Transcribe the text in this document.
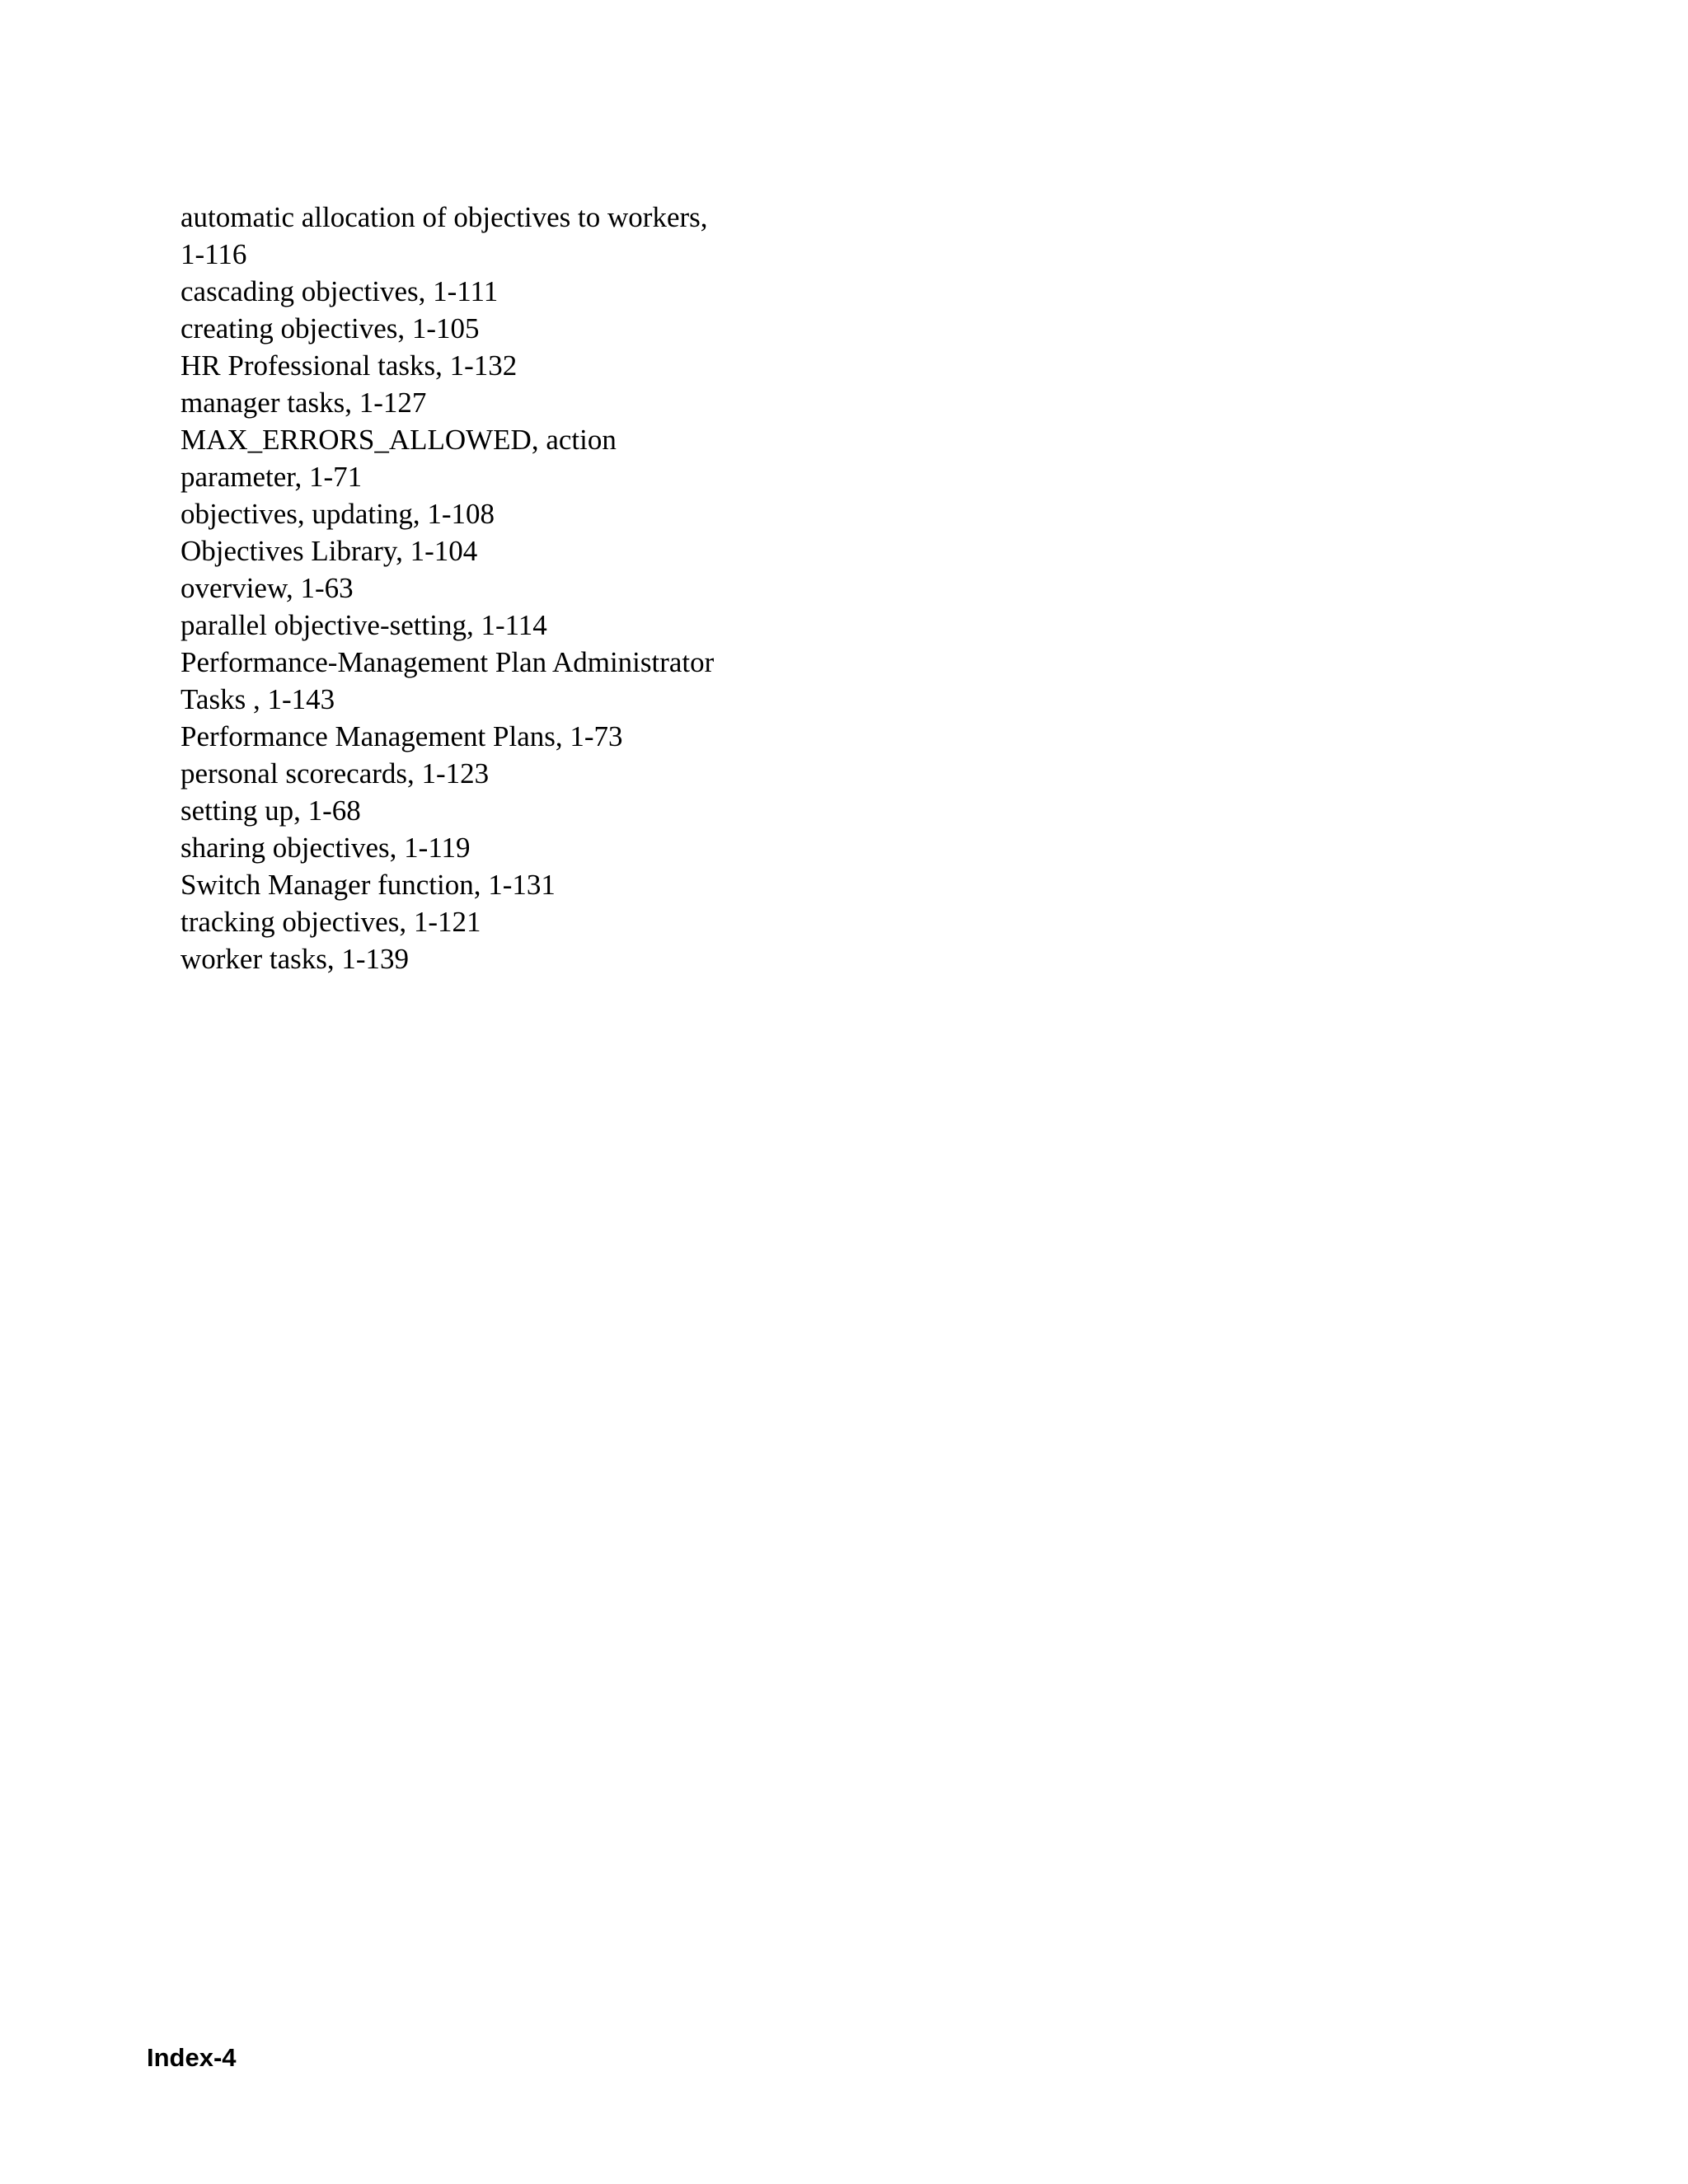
automatic allocation of objectives to workers,
1-116
cascading objectives, 1-111
creating objectives, 1-105
HR Professional tasks, 1-132
manager tasks, 1-127
MAX_ERRORS_ALLOWED, action
parameter, 1-71
objectives, updating, 1-108
Objectives Library, 1-104
overview, 1-63
parallel objective-setting, 1-114
Performance-Management Plan Administrator
Tasks , 1-143
Performance Management Plans, 1-73
personal scorecards, 1-123
setting up, 1-68
sharing objectives, 1-119
Switch Manager function, 1-131
tracking objectives, 1-121
worker tasks, 1-139
Index-4
